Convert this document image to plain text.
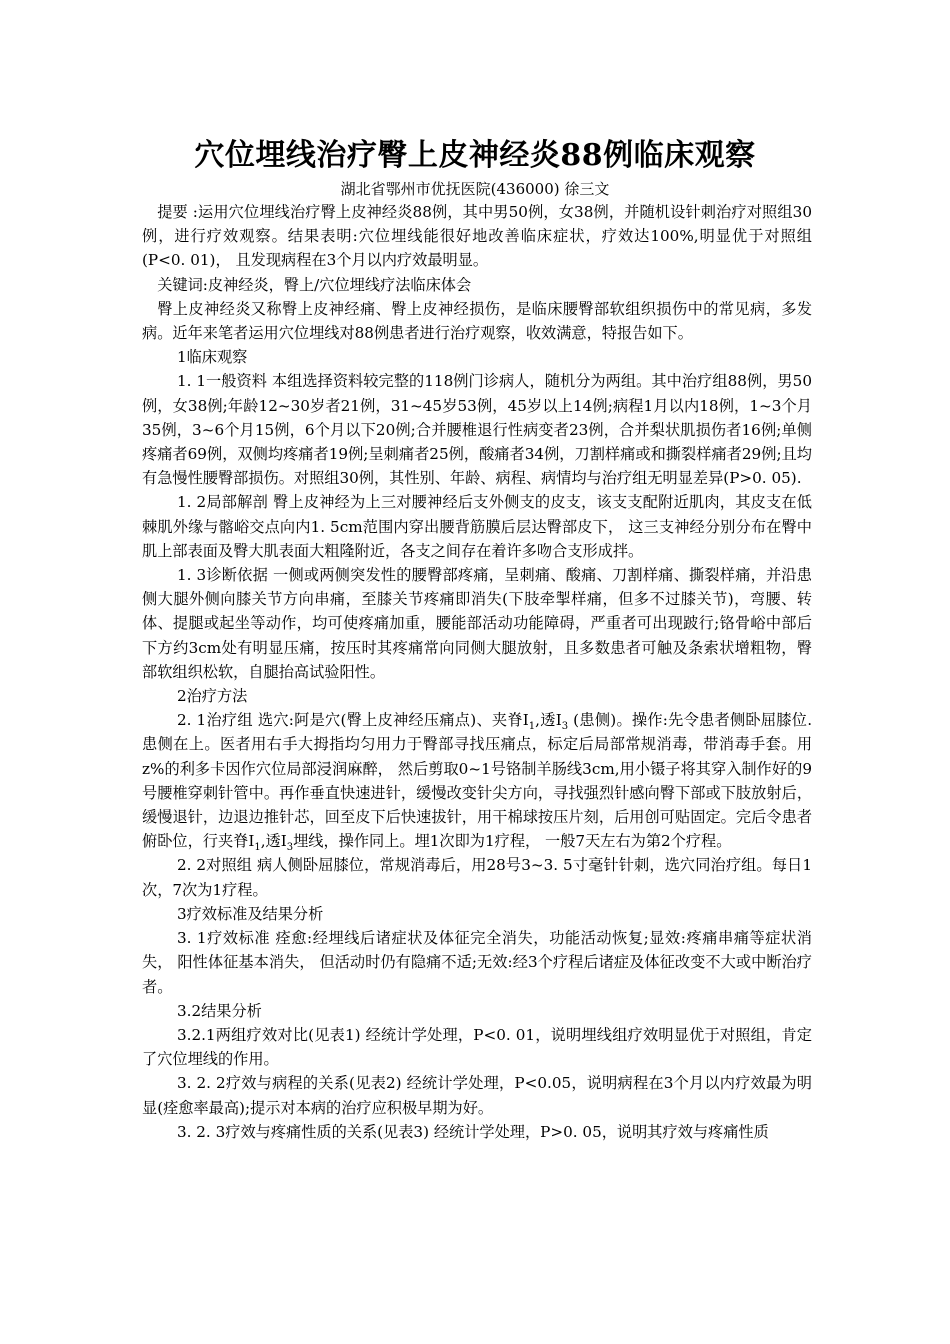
穴位埋线治疗臀上皮神经炎88例临床观察
湖北省鄂州市优抚医院(436000) 徐三文

提要 :运用穴位埋线治疗臀上皮神经炎88例，其中男50例，女38例，并随机设针刺治疗对照组30例，进行疗效观察。结果表明:穴位埋线能很好地改善临床症状，疗效达100%,明显优于对照组(P<0. 01)， 且发现病程在3个月以内疗效最明显。

关键词:皮神经炎，臀上/穴位埋线疗法临床体会

臀上皮神经炎又称臀上皮神经痛、臀上皮神经损伤，是临床腰臀部软组织损伤中的常见病，多发病。近年来笔者运用穴位埋线对88例患者进行治疗观察，收效满意，特报告如下。

1临床观察

1. 1一般资料 本组选择资料较完整的118例门诊病人，随机分为两组。其中治疗组88例，男50例，女38例;年龄12~30岁者21例，31~45岁53例，45岁以上14例;病程1月以内18例，1~3个月35例，3~6个月15例，6个月以下20例;合并腰椎退行性病变者23例，合并梨状肌损伤者16例;单侧疼痛者69例，双侧均疼痛者19例;呈刺痛者25例，酸痛者34例，刀割样痛或和撕裂样痛者29例;且均有急慢性腰臀部损伤。对照组30例，其性别、年龄、病程、病情均与治疗组无明显差异(P>0. 05).

1. 2局部解剖 臀上皮神经为上三对腰神经后支外侧支的皮支，该支支配附近肌肉，其皮支在低棘肌外缘与髂峪交点向内1. 5cm范围内穿出腰背筋膜后层达臀部皮下， 这三支神经分别分布在臀中肌上部表面及臀大肌表面大粗隆附近，各支之间存在着许多吻合支形成拌。

1. 3诊断依据 一侧或两侧突发性的腰臀部疼痛，呈刺痛、酸痛、刀割样痛、撕裂样痛，并沿患侧大腿外侧向膝关节方向串痛，至膝关节疼痛即消失(下肢牵掣样痛，但多不过膝关节)，弯腰、转体、提腿或起坐等动作，均可使疼痛加重，腰能部活动功能障碍，严重者可出现跛行;铬骨峪中部后下方约3cm处有明显压痛，按压时其疼痛常向同侧大腿放射，且多数患者可触及条索状增粗物，臀部软组织松软，自腿抬高试验阳性。

2治疗方法

2. 1治疗组 选穴:阿是穴(臀上皮神经压痛点)、夹脊$I_1$,透$I_3$ (患侧)。操作:先令患者侧卧屈膝位.患侧在上。医者用右手大拇指均匀用力于臀部寻找压痛点，标定后局部常规消毒，带消毒手套。用z%的利多卡因作穴位局部浸润麻醉， 然后剪取0~1号铬制羊肠线3cm,用小镊子将其穿入制作好的9号腰椎穿刺针管中。再作垂直快速进针，缓慢改变针尖方向，寻找强烈针感向臀下部或下肢放射后，缓慢退针，边退边推针芯，回至皮下后快速拔针，用干棉球按压片刻，后用创可贴固定。完后令患者俯卧位，行夹脊$I_1$,透$I_3$埋线，操作同上。埋1次即为1疗程， 一般7天左右为第2个疗程。

2. 2对照组 病人侧卧屈膝位，常规消毒后，用28号3~3. 5寸毫针针刺，选穴同治疗组。每日1次，7次为1疗程。

3疗效标准及结果分析

3. 1疗效标准 痊愈:经埋线后诸症状及体征完全消失，功能活动恢复;显效:疼痛串痛等症状消失， 阳性体征基本消失， 但活动时仍有隐痛不适;无效:经3个疗程后诸症及体征改变不大或中断治疗者。

3.2结果分析

3.2.1两组疗效对比(见表1) 经统计学处理，P<0. 01，说明埋线组疗效明显优于对照组，肯定了穴位埋线的作用。

3. 2. 2疗效与病程的关系(见表2) 经统计学处理，P<0.05，说明病程在3个月以内疗效最为明显(痊愈率最高);提示对本病的治疗应积极早期为好。

3. 2. 3疗效与疼痛性质的关系(见表3) 经统计学处理，P>0. 05，说明其疗效与疼痛性质
